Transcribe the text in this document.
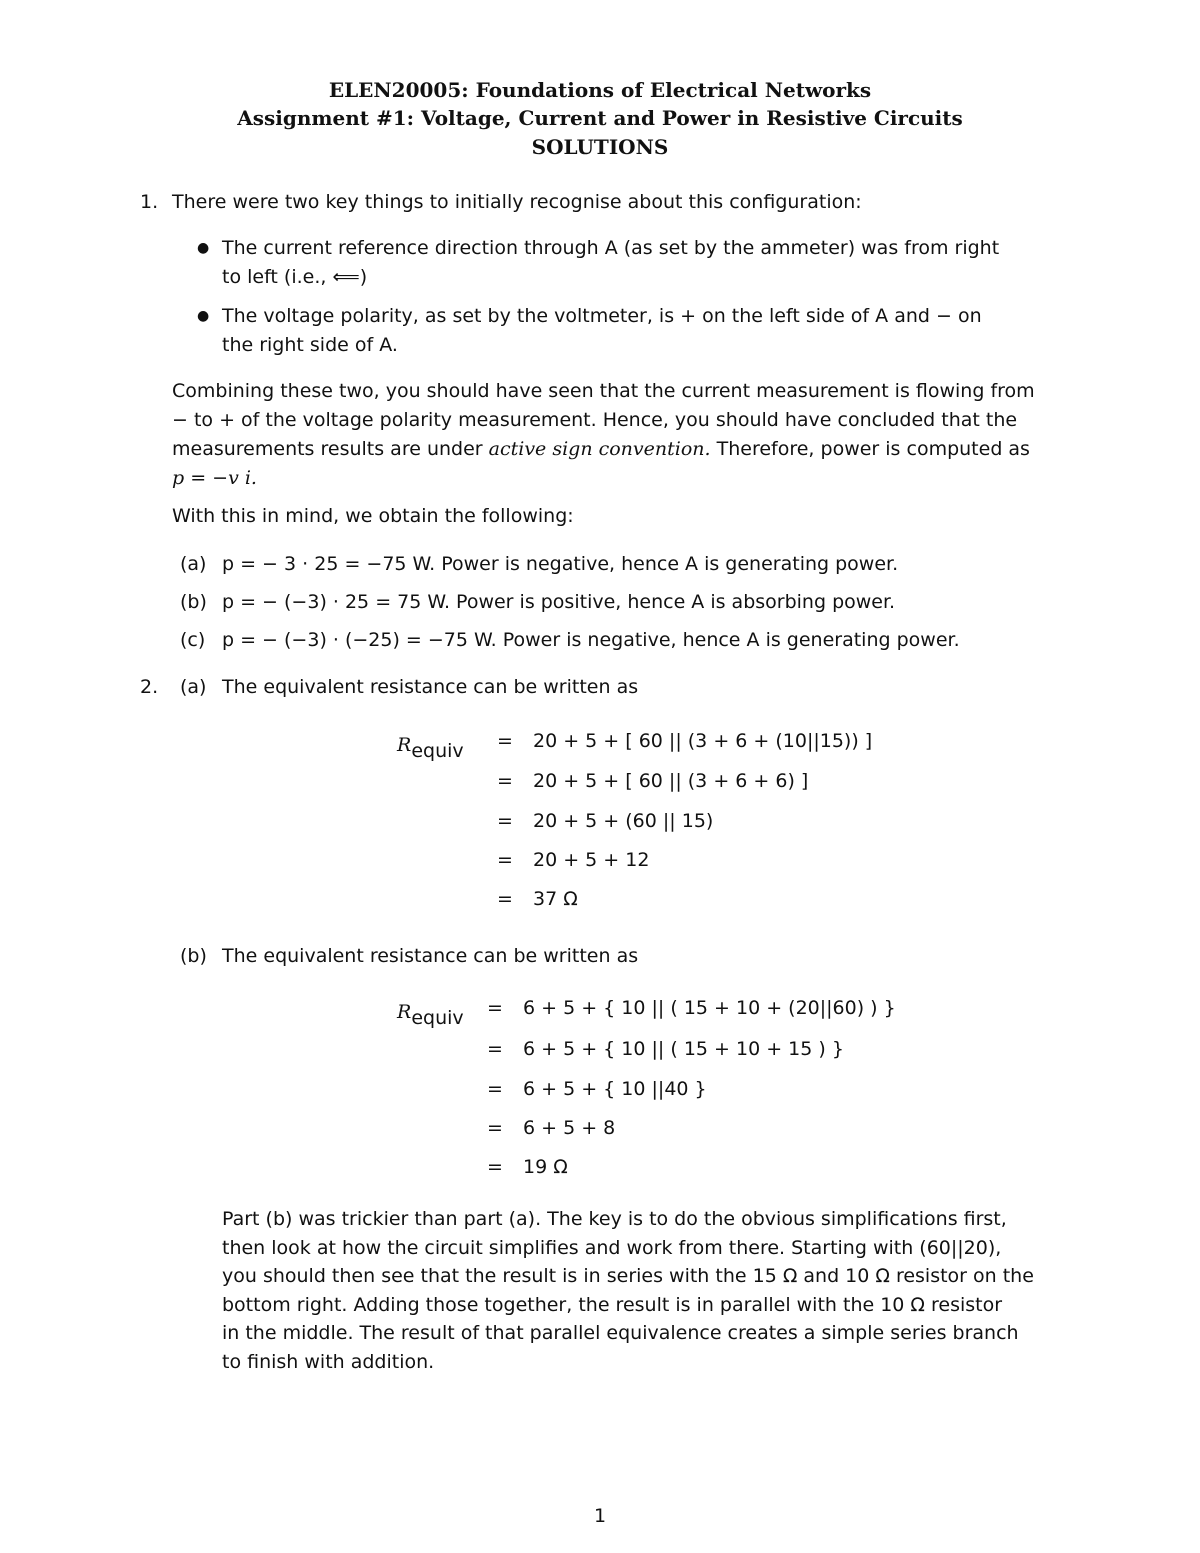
ELEN20005: Foundations of Electrical Networks
Assignment #1: Voltage, Current and Power in Resistive Circuits
SOLUTIONS
1. There were two key things to initially recognise about this configuration:
● The current reference direction through A (as set by the ammeter) was from right
to left (i.e., ⟸)
● The voltage polarity, as set by the voltmeter, is + on the left side of A and − on
the right side of A.
Combining these two, you should have seen that the current measurement is flowing from
− to + of the voltage polarity measurement. Hence, you should have concluded that the
measurements results are under active sign convention. Therefore, power is computed as
p = −v i.
With this in mind, we obtain the following:
(a) p = − 3 · 25 = −75 W. Power is negative, hence A is generating power.
(b) p = − (−3) · 25 = 75 W. Power is positive, hence A is absorbing power.
(c) p = − (−3) · (−25) = −75 W. Power is negative, hence A is generating power.
2. (a) The equivalent resistance can be written as
Requiv = 20 + 5 + [ 60 || (3 + 6 + (10||15)) ]
= 20 + 5 + [ 60 || (3 + 6 + 6) ]
= 20 + 5 + (60 || 15)
= 20 + 5 + 12
= 37 Ω
(b) The equivalent resistance can be written as
Requiv = 6 + 5 + { 10 || ( 15 + 10 + (20||60) ) }
= 6 + 5 + { 10 || ( 15 + 10 + 15 ) }
= 6 + 5 + { 10 ||40 }
= 6 + 5 + 8
= 19 Ω
Part (b) was trickier than part (a). The key is to do the obvious simplifications first,
then look at how the circuit simplifies and work from there. Starting with (60||20),
you should then see that the result is in series with the 15 Ω and 10 Ω resistor on the
bottom right. Adding those together, the result is in parallel with the 10 Ω resistor
in the middle. The result of that parallel equivalence creates a simple series branch
to finish with addition.
1
